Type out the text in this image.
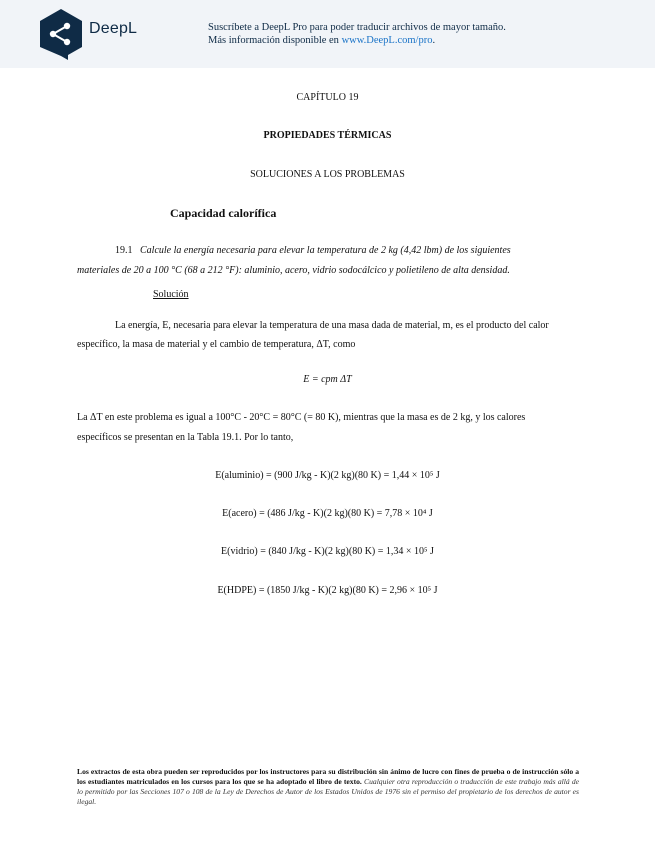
DeepL	Suscríbete a DeepL Pro para poder traducir archivos de mayor tamaño.
Más información disponible en www.DeepL.com/pro.
CAPÍTULO 19
PROPIEDADES TÉRMICAS
SOLUCIONES A LOS PROBLEMAS
Capacidad calorífica
19.1 Calcule la energía necesaria para elevar la temperatura de 2 kg (4,42 lbm) de los siguientes
materiales de 20 a 100 °C (68 a 212 °F): aluminio, acero, vidrio sodocálcico y polietileno de alta densidad.
Solución
La energía, E, necesaria para elevar la temperatura de una masa dada de material, m, es el producto del calor
específico, la masa de material y el cambio de temperatura, ΔT, como
E = cpm ΔT
La ΔT en este problema es igual a 100°C - 20°C = 80°C (= 80 K), mientras que la masa es de 2 kg, y los calores
específicos se presentan en la Tabla 19.1. Por lo tanto,
E(aluminio) = (900 J/kg - K)(2 kg)(80 K) = 1,44 × 10⁵ J
E(acero) = (486 J/kg - K)(2 kg)(80 K) = 7,78 × 10⁴ J
E(vidrio) = (840 J/kg - K)(2 kg)(80 K) = 1,34 × 10⁵ J
E(HDPE) = (1850 J/kg - K)(2 kg)(80 K) = 2,96 × 10⁵ J
Los extractos de esta obra pueden ser reproducidos por los instructores para su distribución sin ánimo de lucro con fines de prueba o de instrucción sólo a los estudiantes matriculados en los cursos para los que se ha adoptado el libro de texto. Cualquier otra reproducción o traducción de este trabajo más allá de lo permitido por las Secciones 107 o 108 de la Ley de Derechos de Autor de los Estados Unidos de 1976 sin el permiso del propietario de los derechos de autor es ilegal.
